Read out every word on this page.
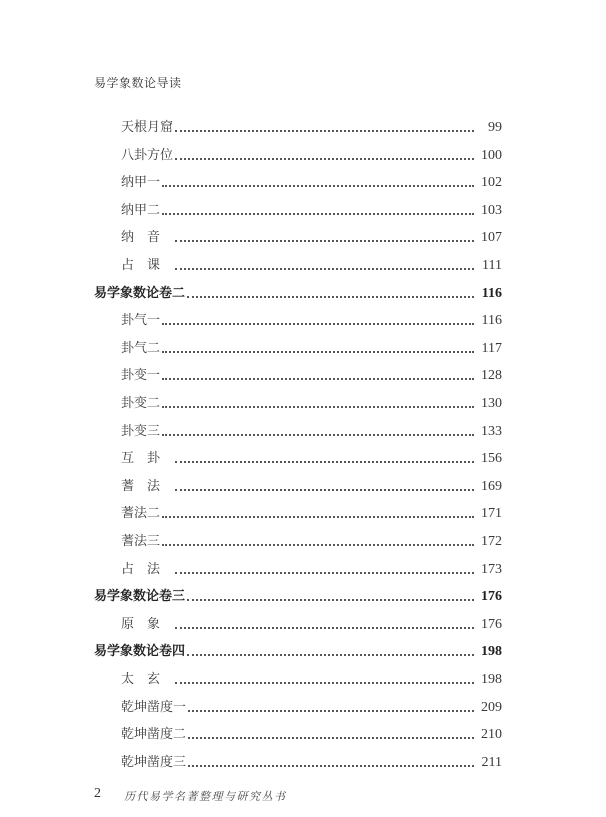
易学象数论导读
天根月窟	99
八卦方位	100
纳甲一	102
纳甲二	103
纳音	107
占课	111
易学象数论卷二	116
卦气一	116
卦气二	117
卦变一	128
卦变二	130
卦变三	133
互卦	156
蓍法	169
蓍法二	171
蓍法三	172
占法	173
易学象数论卷三	176
原象	176
易学象数论卷四	198
太玄	198
乾坤凿度一	209
乾坤凿度二	210
乾坤凿度三	211
2 历代易学名著整理与研究丛书
